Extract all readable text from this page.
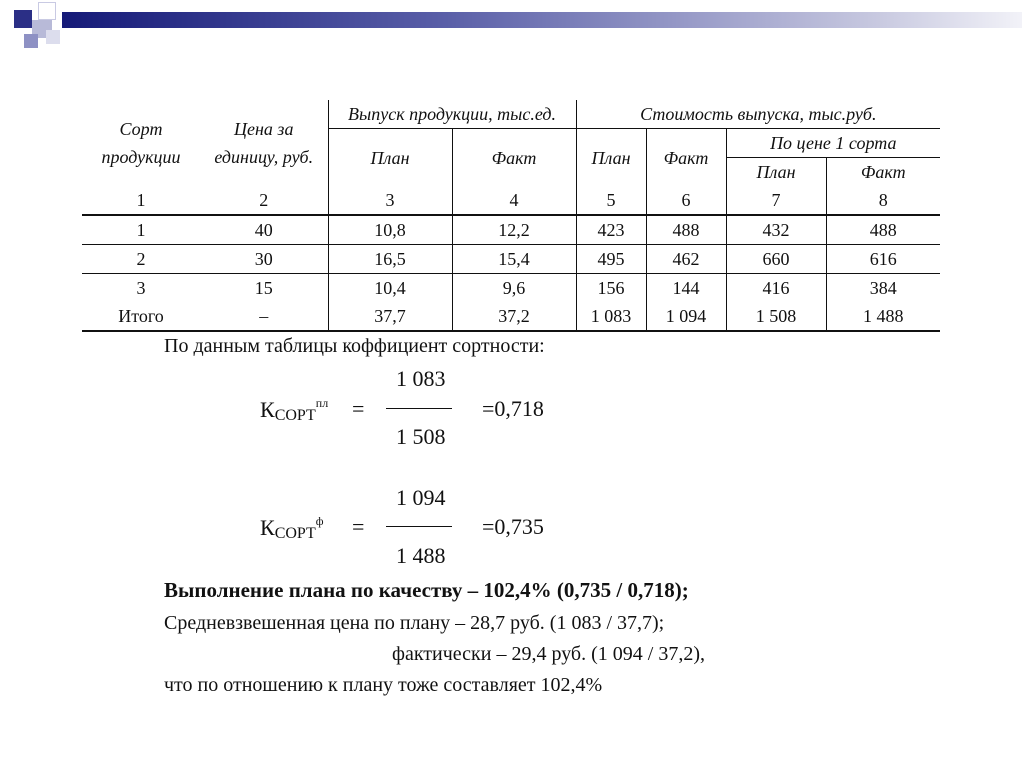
Сорт продукции	Цена за единицу, руб.	Выпуск продукции, тыс.ед.		Стоимость выпуска, тыс.руб.			
		План	Факт	План	Факт	По цене 1 сорта	
						План	Факт
1	2	3	4	5	6	7	8
1	40	10,8	12,2	423	488	432	488
2	30	16,5	15,4	495	462	660	616
3	15	10,4	9,6	156	144	416	384
Итого	–	37,7	37,2	1 083	1 094	1 508	1 488
По данным таблицы коффициент сортности:
1 083
$К_{СОРТ}^{пл}$ =	=0,718
1 508
1 094
$К_{СОРТ}^ф$ =	=0,735
1 488
Выполнение плана по качеству – 102,4% (0,735 / 0,718);
Средневзвешенная цена по плану – 28,7 руб. (1 083 / 37,7);
фактически – 29,4 руб. (1 094 / 37,2),
что по отношению к плану тоже составляет 102,4%
